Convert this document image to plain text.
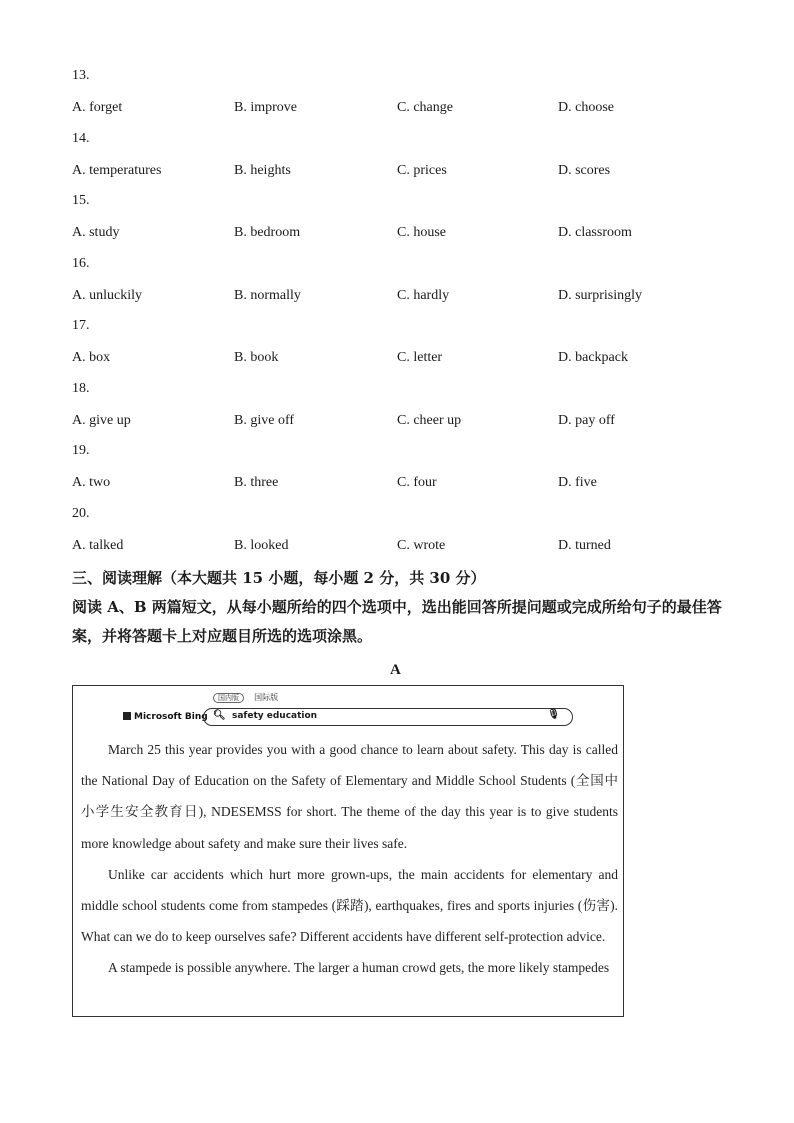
13.
A. forget	B. improve	C. change	D. choose
14.
A. temperatures	B. heights	C. prices	D. scores
15.
A. study	B. bedroom	C. house	D. classroom
16.
A. unluckily	B. normally	C. hardly	D. surprisingly
17.
A. box	B. book	C. letter	D. backpack
18.
A. give up	B. give off	C. cheer up	D. pay off
19.
A. two	B. three	C. four	D. five
20.
A. talked	B. looked	C. wrote	D. turned
三、阅读理解（本大题共 15 小题，每小题 2 分，共 30 分）
阅读 A、B 两篇短文，从每小题所给的四个选项中，选出能回答所提问题或完成所给句子的最佳答案，并将答题卡上对应题目所选的选项涂黑。
A
国内版 国际版
Microsoft Bing 🔍︎ safety education	🎙︎

March 25 this year provides you with a good chance to learn about safety. This day is called the National Day of Education on the Safety of Elementary and Middle School Students (全国中小学生安全教育日), NDESEMSS for short. The theme of the day this year is to give students more knowledge about safety and make sure their lives safe.

Unlike car accidents which hurt more grown-ups, the main accidents for elementary and middle school students come from stampedes (踩踏), earthquakes, fires and sports injuries (伤害). What can we do to keep ourselves safe? Different accidents have different self-protection advice.

A stampede is possible anywhere. The larger a human crowd gets, the more likely stampedes
